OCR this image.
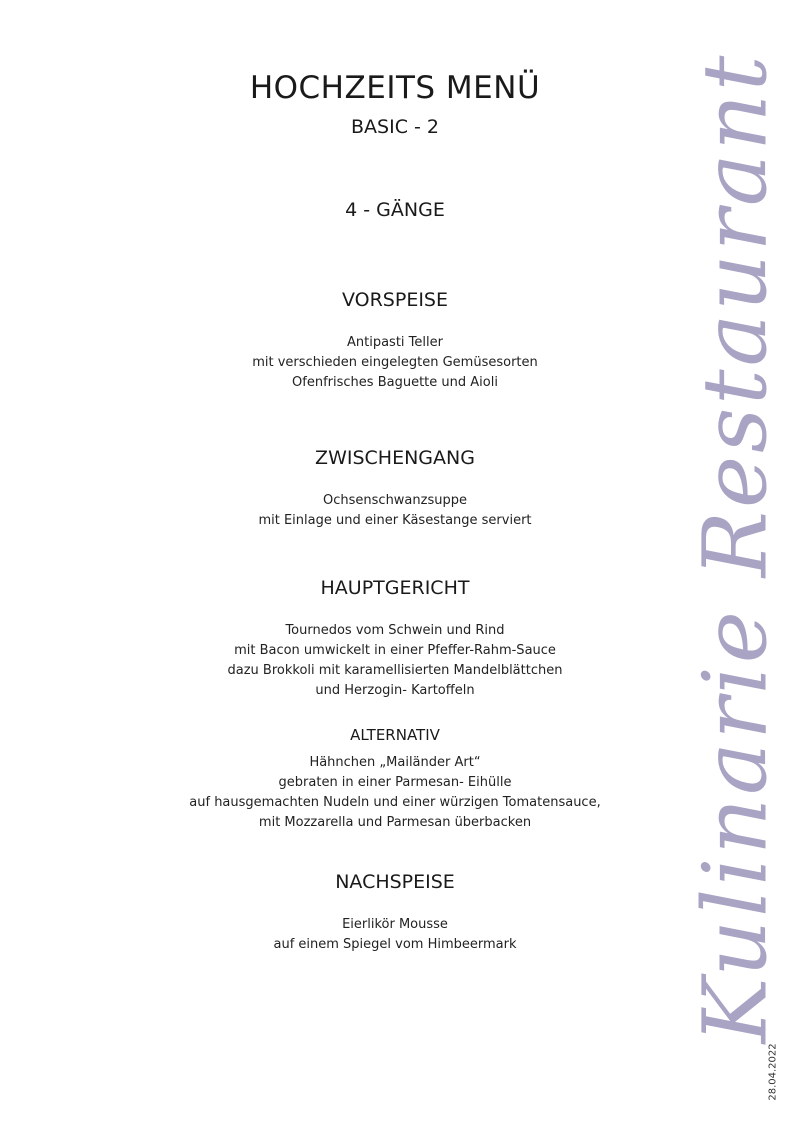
HOCHZEITS MENÜ
BASIC - 2
4 - GÄNGE
VORSPEISE
Antipasti Teller
mit verschieden eingelegten Gemüsesorten
Ofenfrisches Baguette und Aioli
ZWISCHENGANG
Ochsenschwanzsuppe
mit Einlage und einer Käsestange serviert
HAUPTGERICHT
Tournedos vom Schwein und Rind
mit Bacon umwickelt in einer Pfeffer-Rahm-Sauce
dazu Brokkoli mit karamellisierten Mandelblättchen
und Herzogin- Kartoffeln
ALTERNATIV
Hähnchen „Mailänder Art“
gebraten in einer Parmesan- Eihülle
auf hausgemachten Nudeln und einer würzigen Tomatensauce,
mit Mozzarella und Parmesan überbacken
NACHSPEISE
Eierlikör Mousse
auf einem Spiegel vom Himbeermark	Kulinarie Restaurant
28.04.2022
